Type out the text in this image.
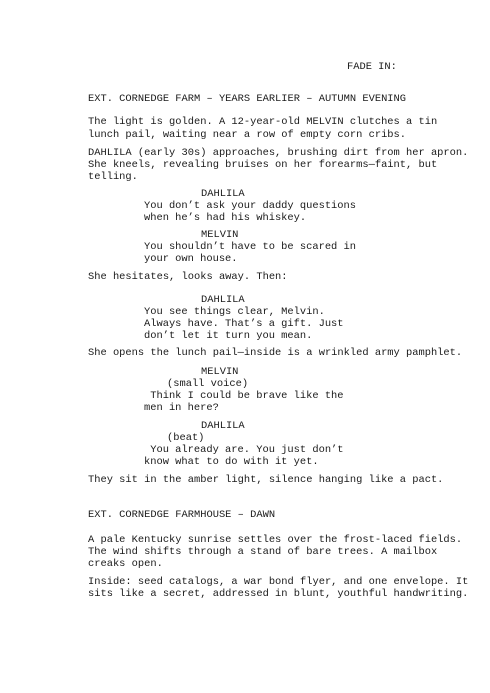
FADE IN:
EXT. CORNEDGE FARM – YEARS EARLIER – AUTUMN EVENING
The light is golden. A 12-year-old MELVIN clutches a tin
lunch pail, waiting near a row of empty corn cribs.
DAHLILA (early 30s) approaches, brushing dirt from her apron.
She kneels, revealing bruises on her forearms—faint, but
telling.
DAHLILA
You don’t ask your daddy questions
when he’s had his whiskey.
MELVIN
You shouldn’t have to be scared in
your own house.
She hesitates, looks away. Then:
DAHLILA
You see things clear, Melvin.
Always have. That’s a gift. Just
don’t let it turn you mean.
She opens the lunch pail—inside is a wrinkled army pamphlet.
MELVIN
(small voice)
Think I could be brave like the
men in here?
DAHLILA
(beat)
You already are. You just don’t
know what to do with it yet.
They sit in the amber light, silence hanging like a pact.
EXT. CORNEDGE FARMHOUSE – DAWN
A pale Kentucky sunrise settles over the frost-laced fields.
The wind shifts through a stand of bare trees. A mailbox
creaks open.
Inside: seed catalogs, a war bond flyer, and one envelope. It
sits like a secret, addressed in blunt, youthful handwriting.
